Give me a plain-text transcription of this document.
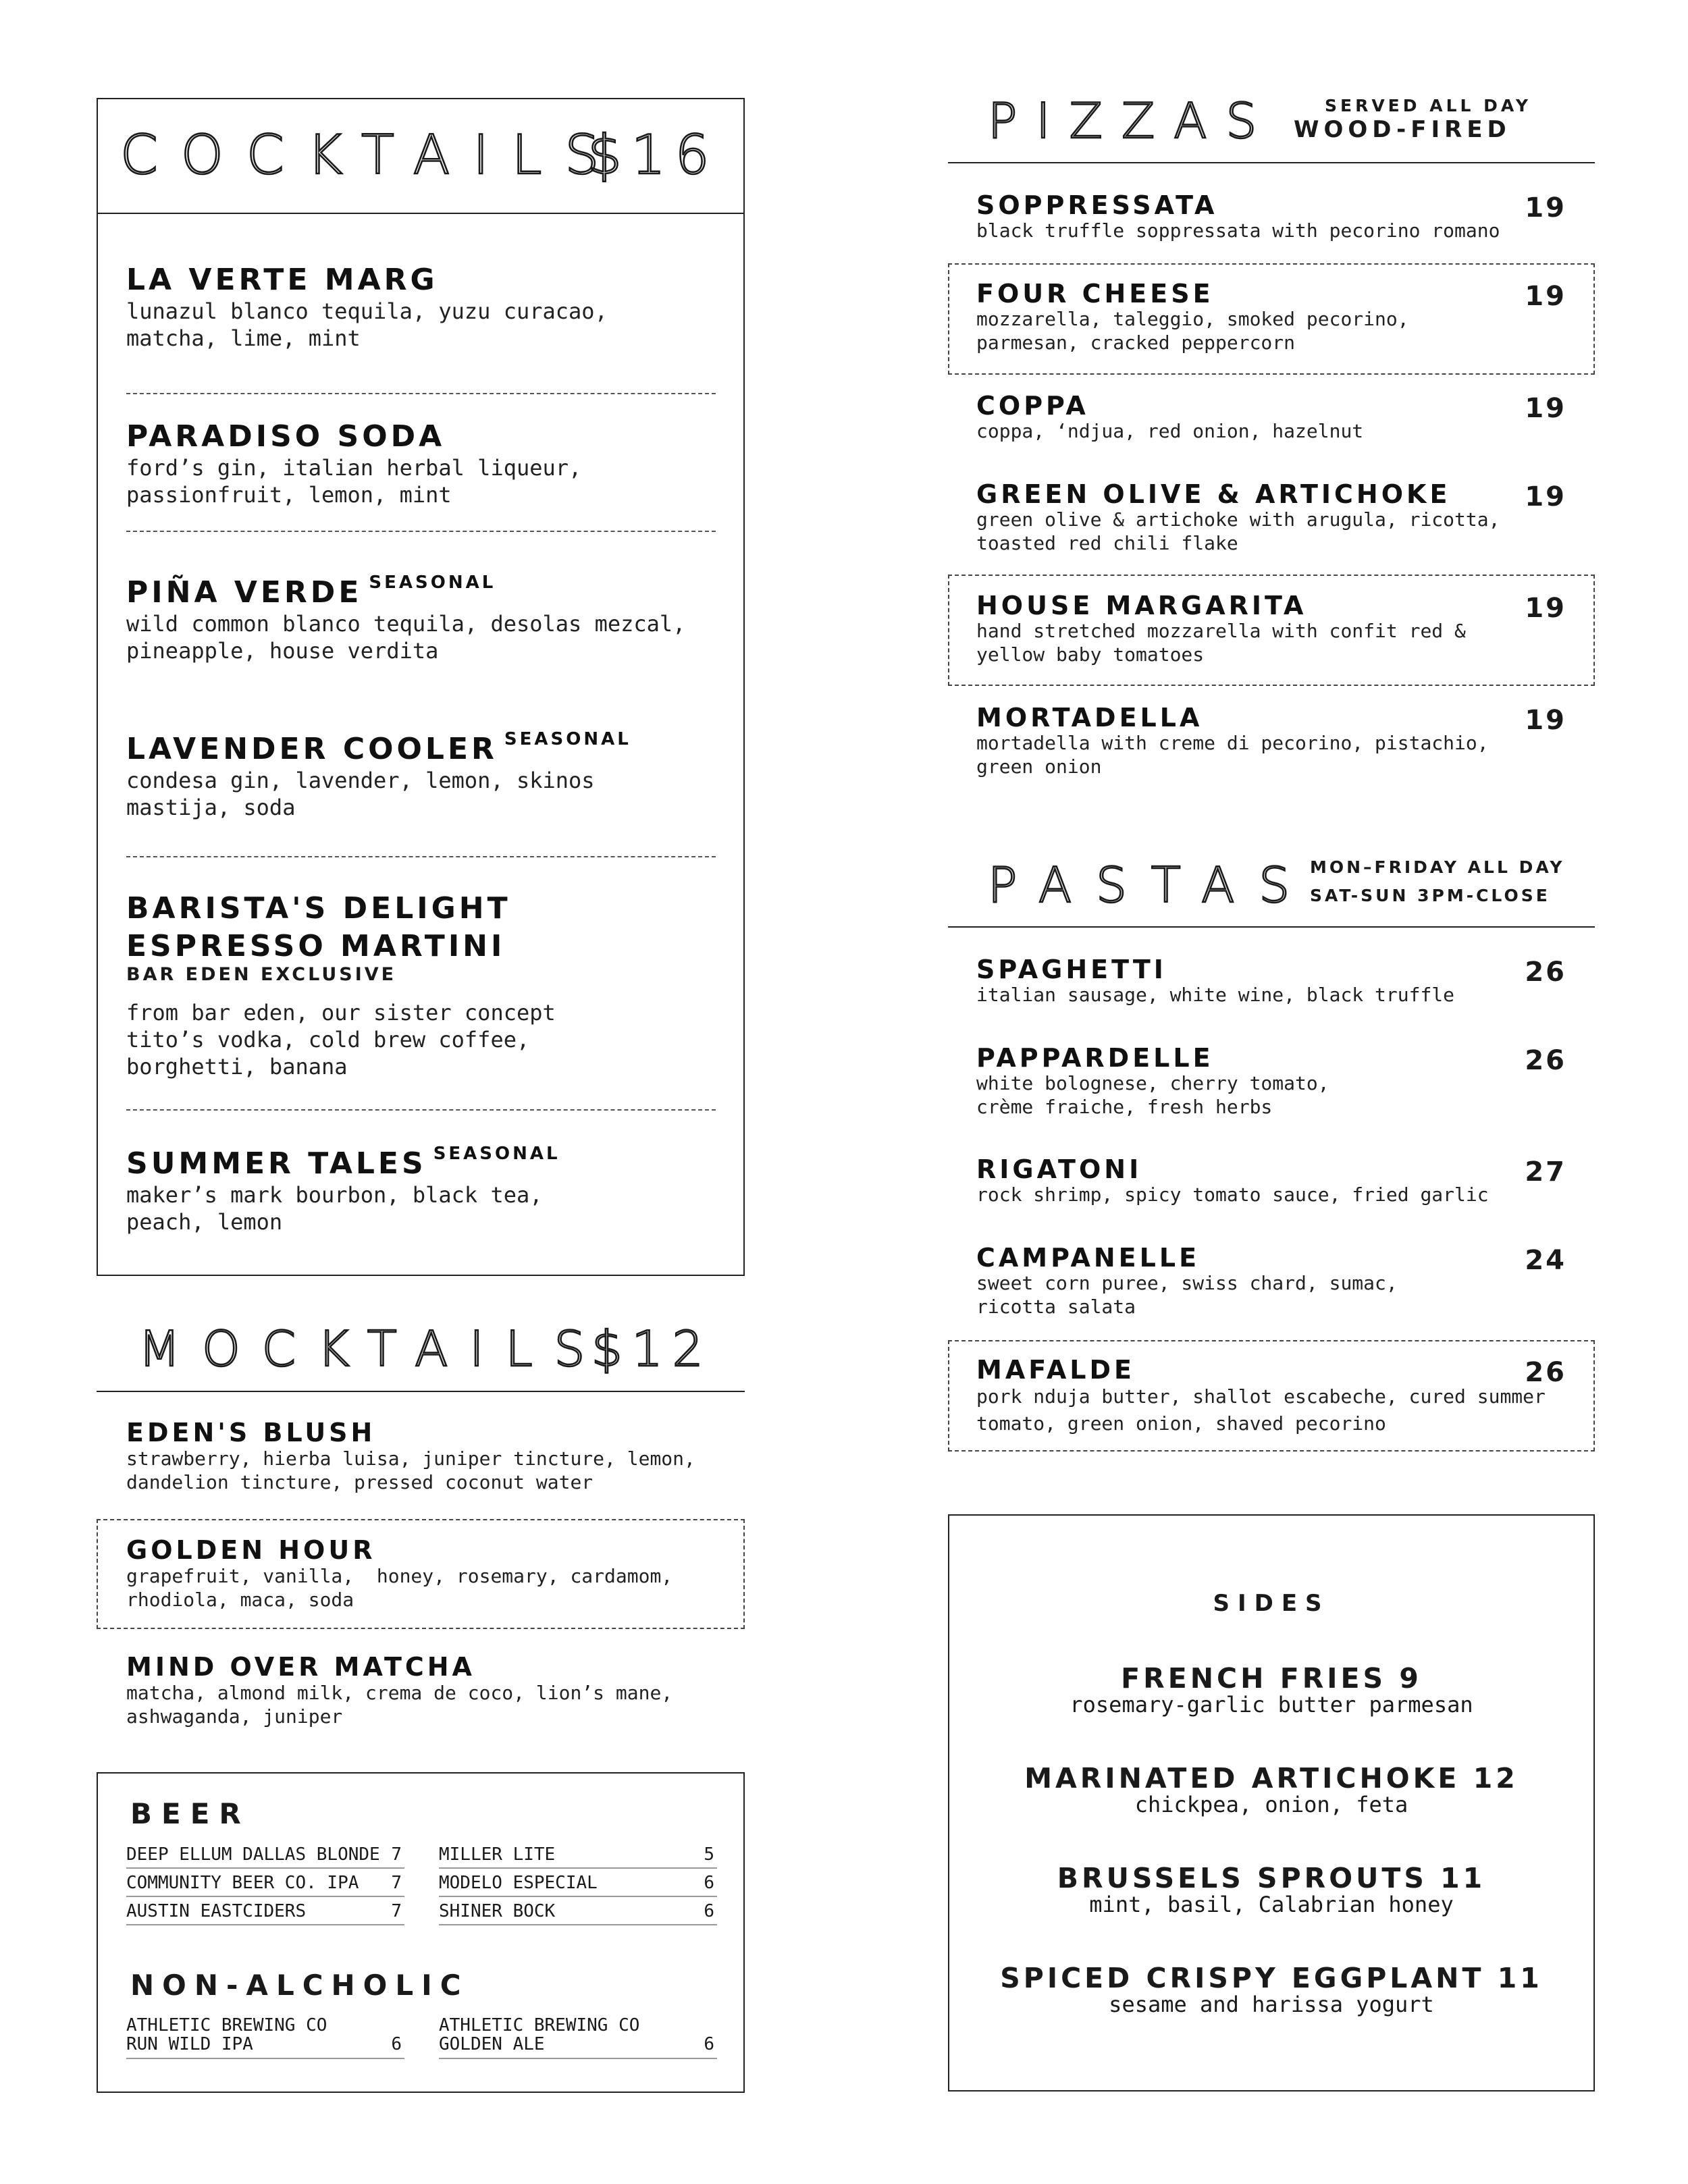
COCKTAILS
$16
LA VERTE MARG
lunazul blanco tequila, yuzu curacao,
matcha, lime, mint
PARADISO SODA
ford’s gin, italian herbal liqueur,
passionfruit, lemon, mint
PIÑA VERDE $^{SEASONAL}$
wild common blanco tequila, desolas mezcal,
pineapple, house verdita
LAVENDER COOLER $^{SEASONAL}$
condesa gin, lavender, lemon, skinos
mastija, soda
BARISTA'S DELIGHT
ESPRESSO MARTINI
BAR EDEN EXCLUSIVE
from bar eden, our sister concept
tito’s vodka, cold brew coffee,
borghetti, banana
SUMMER TALES $^{SEASONAL}$
maker’s mark bourbon, black tea,
peach, lemon
MOCKTAILS
$12
EDEN'S BLUSH
strawberry, hierba luisa, juniper tincture, lemon,
dandelion tincture, pressed coconut water
GOLDEN HOUR
grapefruit, vanilla,  honey, rosemary, cardamom,
rhodiola, maca, soda
MIND OVER MATCHA
matcha, almond milk, crema de coco, lion’s mane,
ashwaganda, juniper
BEER
DEEP ELLUM DALLAS BLONDE 7
COMMUNITY BEER CO. IPA 7
AUSTIN EASTCIDERS	7
MILLER LITE	5
MODELO ESPECIAL	6
SHINER BOCK	6
NON-ALCHOLIC
ATHLETIC BREWING CO
RUN WILD IPA	6
ATHLETIC BREWING CO
GOLDEN ALE	6
PIZZAS	SERVED ALL DAY
WOOD-FIRED
SOPPRESSATA	19
black truffle soppressata with pecorino romano
FOUR CHEESE	19
mozzarella, taleggio, smoked pecorino,
parmesan, cracked peppercorn
COPPA	19
coppa, ‘ndjua, red onion, hazelnut
GREEN OLIVE & ARTICHOKE	19
green olive & artichoke with arugula, ricotta,
toasted red chili flake
HOUSE MARGARITA	19
hand stretched mozzarella with confit red &
yellow baby tomatoes
MORTADELLA	19
mortadella with creme di pecorino, pistachio,
green onion
PASTAS
MON–FRIDAY ALL DAY
SAT-SUN 3PM-CLOSE
SPAGHETTI	26
italian sausage, white wine, black truffle
PAPPARDELLE	26
white bolognese, cherry tomato,
crème fraiche, fresh herbs
RIGATONI	27
rock shrimp, spicy tomato sauce, fried garlic
CAMPANELLE	24
sweet corn puree, swiss chard, sumac,
ricotta salata
MAFALDE	26
pork nduja butter, shallot escabeche, cured summer
tomato, green onion, shaved pecorino
SIDES
FRENCH FRIES 9
rosemary-garlic butter parmesan
MARINATED ARTICHOKE 12
chickpea, onion, feta
BRUSSELS SPROUTS 11
mint, basil, Calabrian honey
SPICED CRISPY EGGPLANT 11
sesame and harissa yogurt
